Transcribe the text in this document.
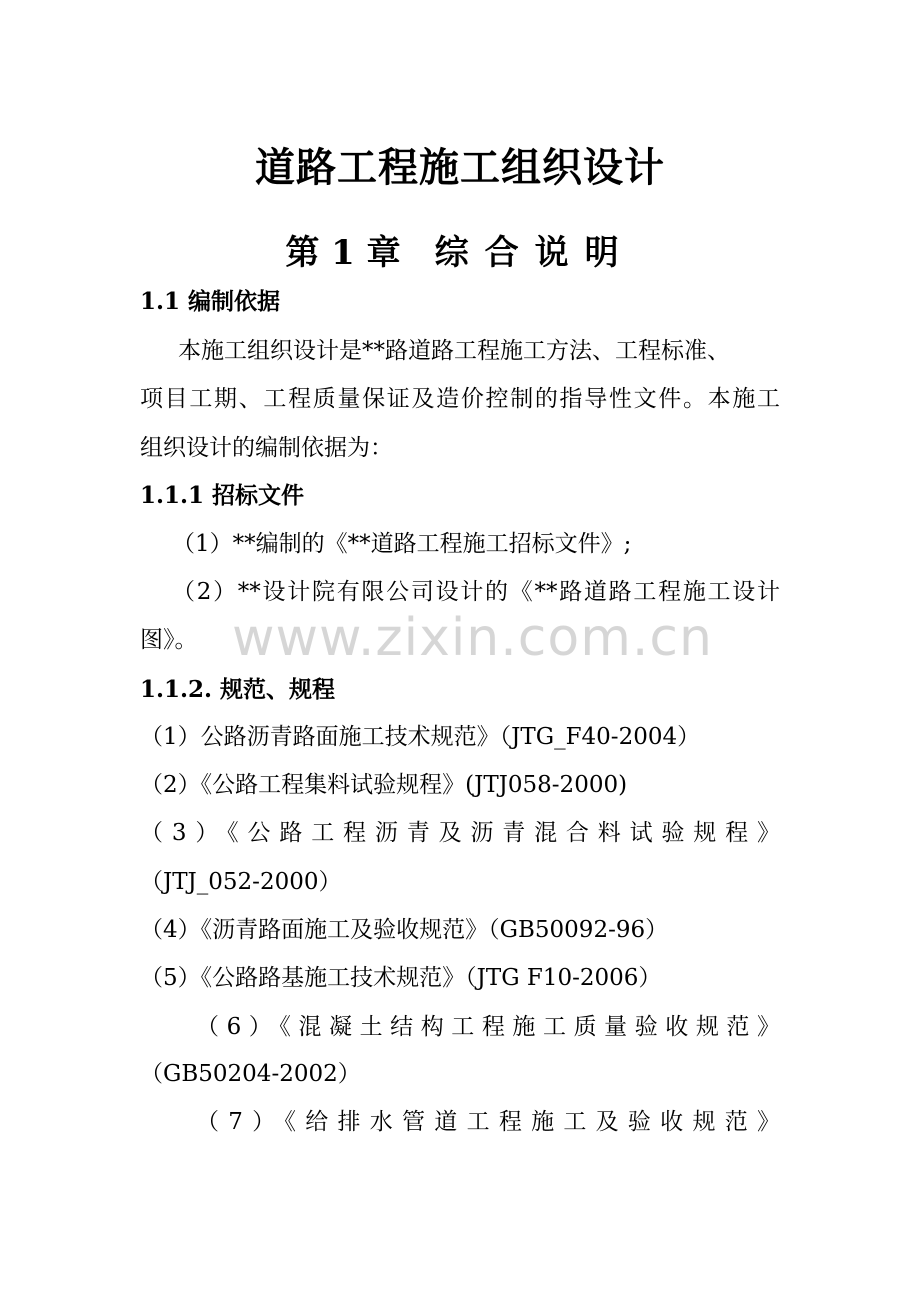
道路工程施工组织设计
第 1 章 综合说明
1.1 编制依据
本施工组织设计是**路道路工程施工方法、工程标准、
项目工期、工程质量保证及造价控制的指导性文件。本施工
组织设计的编制依据为：
1.1.1 招标文件
（1）**编制的《**道路工程施工招标文件》;
（2）**设计院有限公司设计的《**路道路工程施工设计
图》。 www.zixin.com.cn
1.1.2. 规范、规程
（1）公路沥青路面施工技术规范》（JTG_F40-2004）
（2）《公路工程集料试验规程》(JTJ058-2000)
（3）《公路工程沥青及沥青混合料试验规程》
（JTJ_052-2000）
（4）《沥青路面施工及验收规范》（GB50092-96）
（5）《公路路基施工技术规范》（JTG F10-2006）
（6）《混凝土结构工程施工质量验收规范》
（GB50204-2002）
（7）《给排水管道工程施工及验收规范》
